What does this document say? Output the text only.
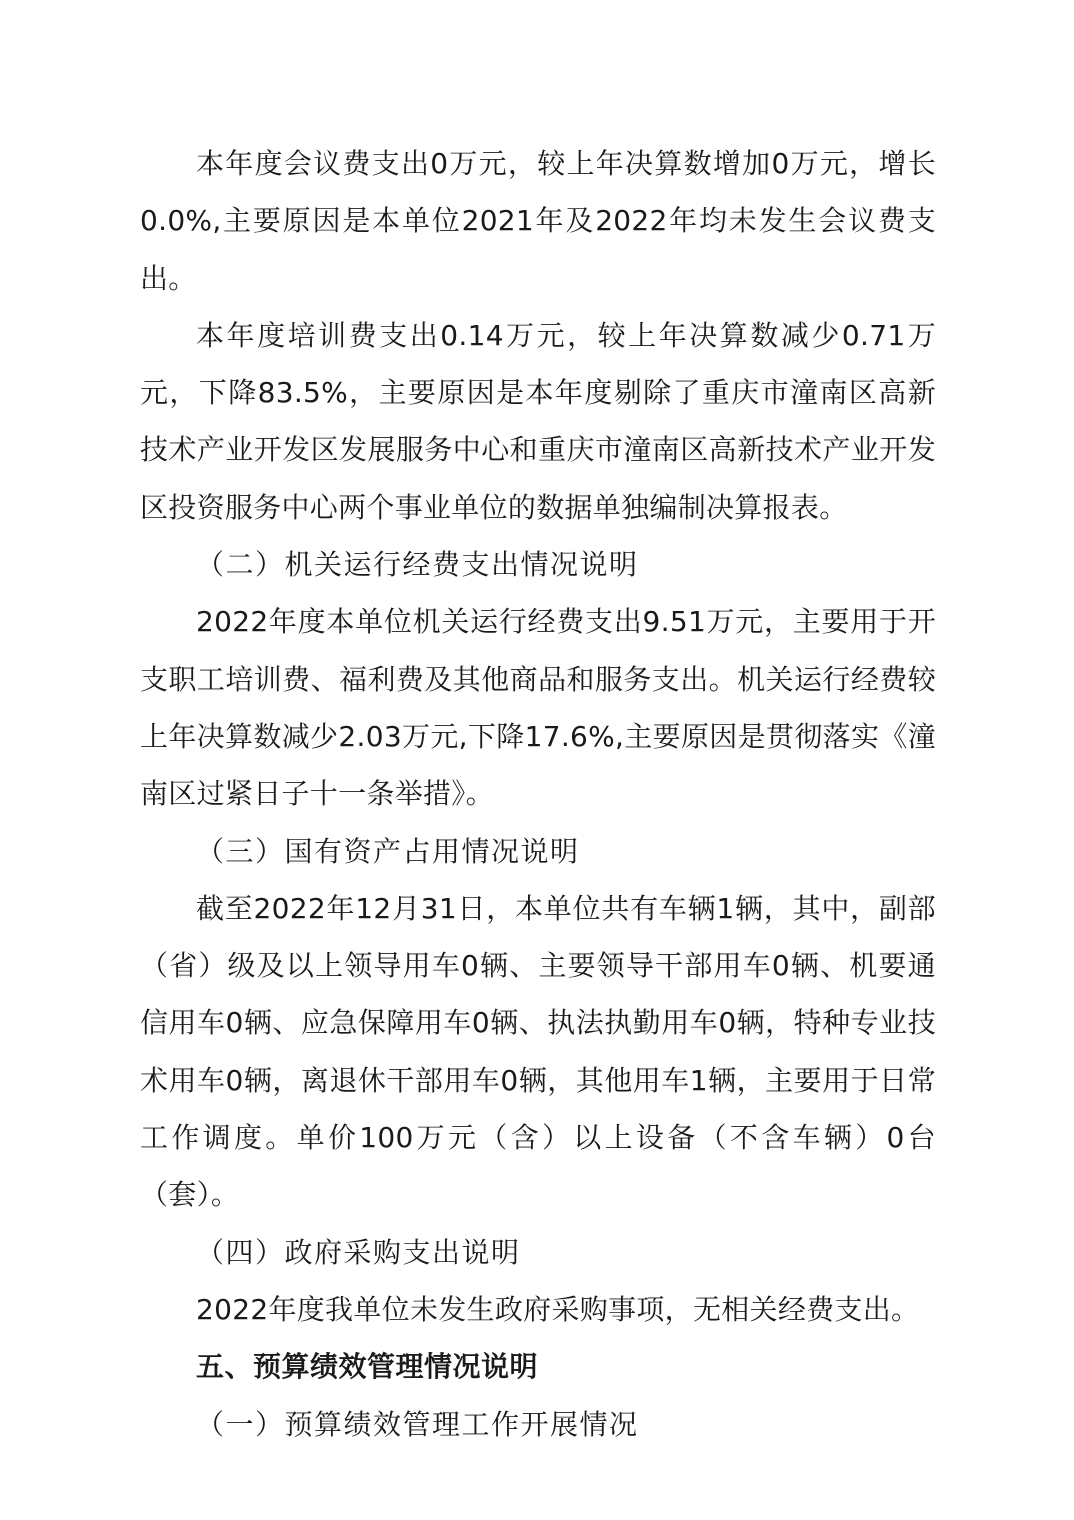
本年度会议费支出0万元，较上年决算数增加0万元，增长0.0%,主要原因是本单位2021年及2022年均未发生会议费支出。

本年度培训费支出0.14万元，较上年决算数减少0.71万元，下降83.5%，主要原因是本年度剔除了重庆市潼南区高新技术产业开发区发展服务中心和重庆市潼南区高新技术产业开发区投资服务中心两个事业单位的数据单独编制决算报表。

（二）机关运行经费支出情况说明

2022年度本单位机关运行经费支出9.51万元，主要用于开支职工培训费、福利费及其他商品和服务支出。机关运行经费较上年决算数减少2.03万元,下降17.6%,主要原因是贯彻落实《潼南区过紧日子十一条举措》。

（三）国有资产占用情况说明

截至2022年12月31日，本单位共有车辆1辆，其中，副部（省）级及以上领导用车0辆、主要领导干部用车0辆、机要通信用车0辆、应急保障用车0辆、执法执勤用车0辆，特种专业技术用车0辆，离退休干部用车0辆，其他用车1辆，主要用于日常工作调度。单价100万元（含）以上设备（不含车辆）0台（套）。

（四）政府采购支出说明

2022年度我单位未发生政府采购事项，无相关经费支出。

五、预算绩效管理情况说明

（一）预算绩效管理工作开展情况
